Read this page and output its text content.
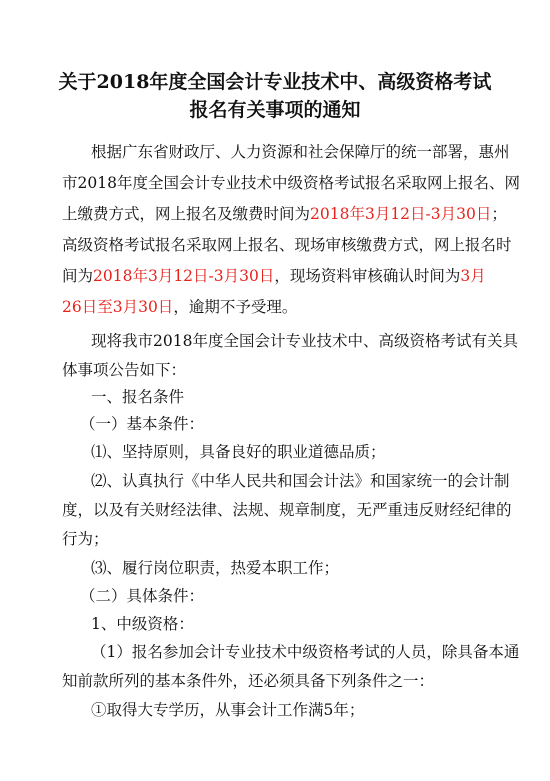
关于2018年度全国会计专业技术中、高级资格考试
报名有关事项的通知
根据广东省财政厅、人力资源和社会保障厅的统一部署，惠州
市2018年度全国会计专业技术中级资格考试报名采取网上报名、网
上缴费方式，网上报名及缴费时间为2018年3月12日-3月30日；
高级资格考试报名采取网上报名、现场审核缴费方式，网上报名时
间为2018年3月12日-3月30日，现场资料审核确认时间为3月
26日至3月30日，逾期不予受理。
现将我市2018年度全国会计专业技术中、高级资格考试有关具
体事项公告如下：
一、报名条件
（一）基本条件：
⑴、坚持原则，具备良好的职业道德品质；
⑵、认真执行《中华人民共和国会计法》和国家统一的会计制
度，以及有关财经法律、法规、规章制度，无严重违反财经纪律的
行为；
⑶、履行岗位职责，热爱本职工作；
（二）具体条件：
1、中级资格：
（1）报名参加会计专业技术中级资格考试的人员，除具备本通
知前款所列的基本条件外，还必须具备下列条件之一：
①取得大专学历，从事会计工作满5年；
